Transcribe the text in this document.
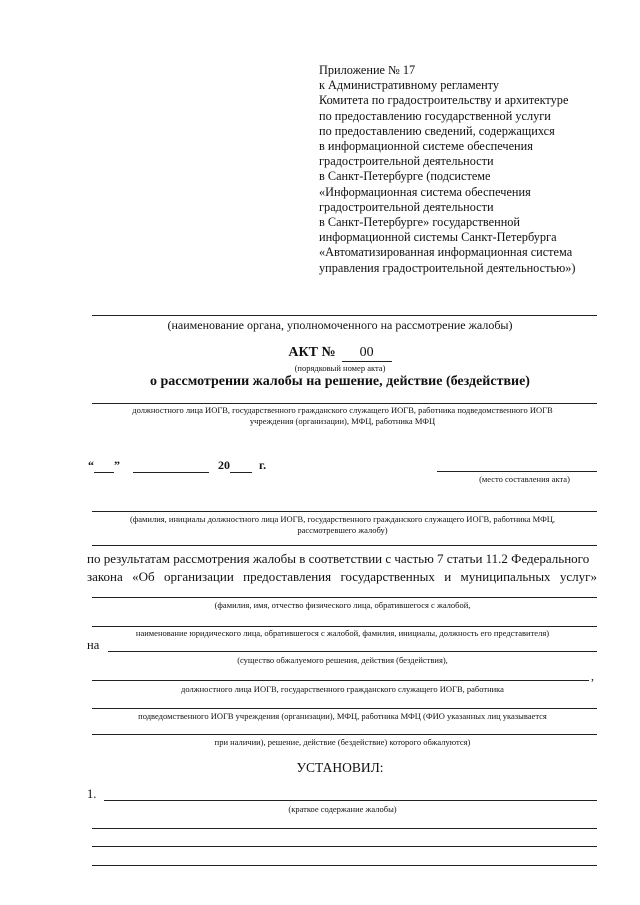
Приложение № 17
к Административному регламенту
Комитета по градостроительству и архитектуре
по предоставлению государственной услуги
по предоставлению сведений, содержащихся
в информационной системе обеспечения
градостроительной деятельности
в Санкт-Петербурге (подсистеме
«Информационная система обеспечения
градостроительной деятельности
в Санкт-Петербурге» государственной
информационной системы Санкт-Петербурга
«Автоматизированная информационная система
управления градостроительной деятельностью»)
(наименование органа, уполномоченного на рассмотрение жалобы)
АКТ № 00
(порядковый номер акта)
о рассмотрении жалобы на решение, действие (бездействие)
должностного лица ИОГВ, государственного гражданского служащего ИОГВ, работника подведомственного ИОГВ
учреждения (организации), МФЦ, работника МФЦ
“ ”	20 г.
(место составления акта)
(фамилия, инициалы должностного лица ИОГВ, государственного гражданского служащего ИОГВ, работника МФЦ,
рассмотревшего жалобу)
по результатам рассмотрения жалобы в соответствии с частью 7 статьи 11.2 Федерального
закона «Об организации предоставления государственных и муниципальных услуг»
(фамилия, имя, отчество физического лица, обратившегося с жалобой,
наименование юридического лица, обратившегося с жалобой, фамилия, инициалы, должность его представителя)
на
(существо обжалуемого решения, действия (бездействия),
,
должностного лица ИОГВ, государственного гражданского служащего ИОГВ, работника
подведомственного ИОГВ учреждения (организации), МФЦ, работника МФЦ (ФИО указанных лиц указывается
при наличии), решение, действие (бездействие) которого обжалуются)
УСТАНОВИЛ:
1.
(краткое содержание жалобы)
